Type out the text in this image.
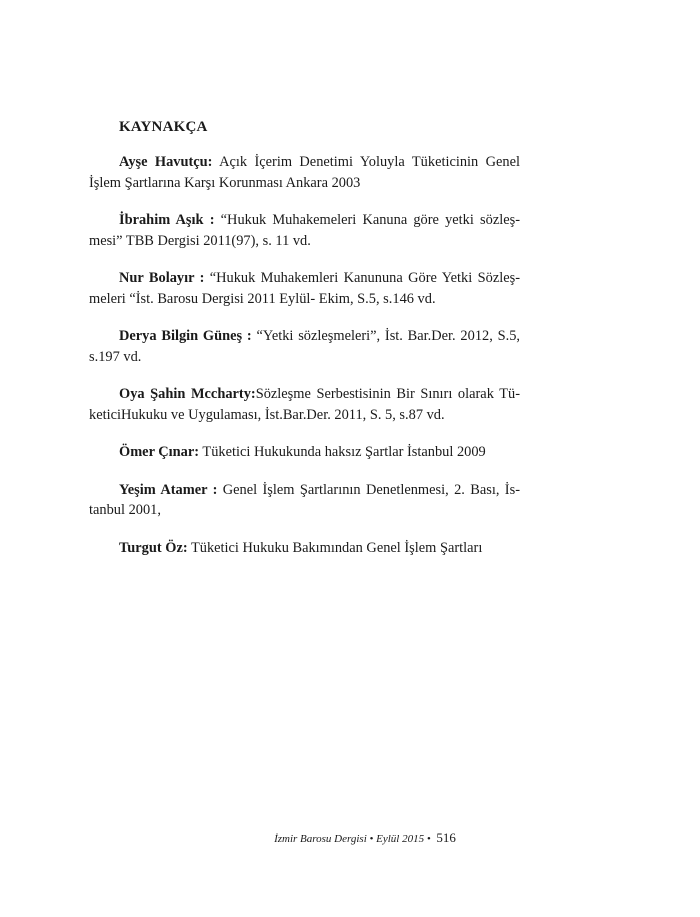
KAYNAKÇA

Ayşe Havutçu: Açık İçerim Denetimi Yoluyla Tüketicinin Genel İşlem Şartlarına Karşı Korunması Ankara 2003

İbrahim Aşık : “Hukuk Muhakemeleri Kanuna göre yetki sözleşmesi” TBB Dergisi 2011(97), s. 11 vd.

Nur Bolayır : “Hukuk Muhakemleri Kanununa Göre Yetki Sözleşmeleri “İst. Barosu Dergisi 2011 Eylül- Ekim, S.5, s.146 vd.

Derya Bilgin Güneş : “Yetki sözleşmeleri”, İst. Bar.Der. 2012, S.5, s.197 vd.

Oya Şahin Mccharty:Sözleşme Serbestisinin Bir Sınırı olarak TüketiciHukuku ve Uygulaması, İst.Bar.Der. 2011, S. 5, s.87 vd.

Ömer Çınar: Tüketici Hukukunda haksız Şartlar İstanbul 2009

Yeşim Atamer : Genel İşlem Şartlarının Denetlenmesi, 2. Bası, İstanbul 2001,

Turgut Öz: Tüketici Hukuku Bakımından Genel İşlem Şartları

İzmir Barosu Dergisi • Eylül 2015 • 516
